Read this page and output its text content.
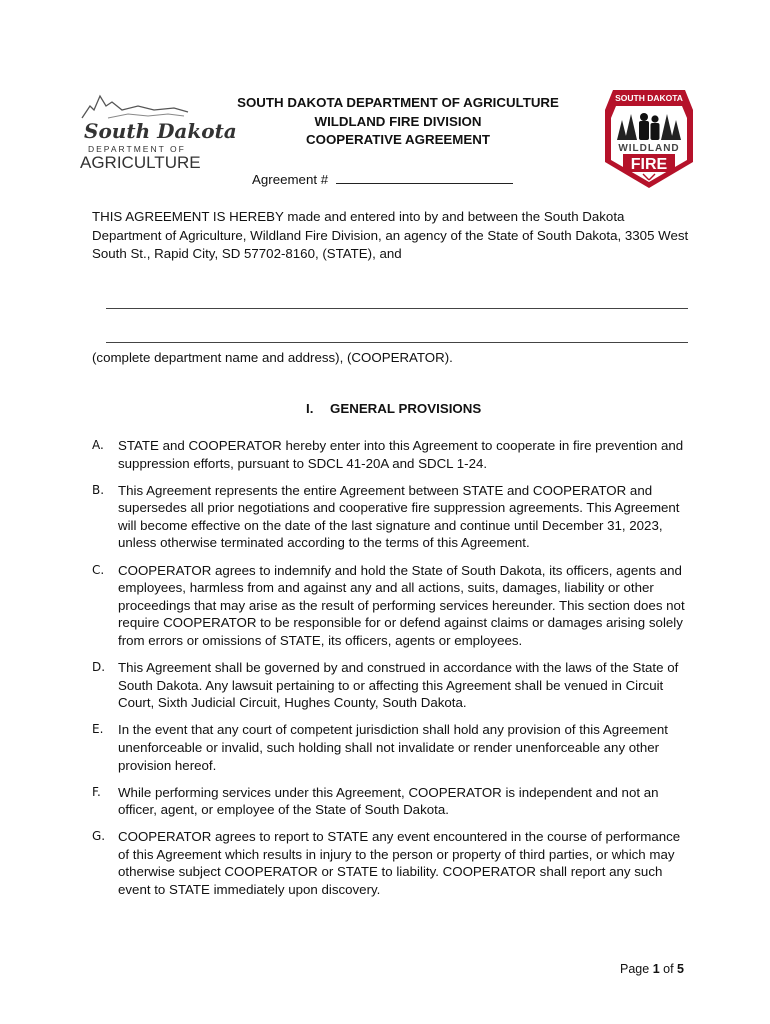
South Dakota
DEPARTMENT OF
AGRICULTURE
SOUTH DAKOTA
WILDLAND
FIRE
SOUTH DAKOTA DEPARTMENT OF AGRICULTURE
WILDLAND FIRE DIVISION
COOPERATIVE AGREEMENT
Agreement #
THIS AGREEMENT IS HEREBY made and entered into by and between the South Dakota Department of Agriculture, Wildland Fire Division, an agency of the State of South Dakota, 3305 West South St., Rapid City, SD 57702-8160, (STATE), and
(complete department name and address), (COOPERATOR).
I. GENERAL PROVISIONS
A.	STATE and COOPERATOR hereby enter into this Agreement to cooperate in fire prevention and suppression efforts, pursuant to SDCL 41-20A and SDCL 1-24.
B.	This Agreement represents the entire Agreement between STATE and COOPERATOR and supersedes all prior negotiations and cooperative fire suppression agreements. This Agreement will become effective on the date of the last signature and continue until December 31, 2023, unless otherwise terminated according to the terms of this Agreement.
C.	COOPERATOR agrees to indemnify and hold the State of South Dakota, its officers, agents and employees, harmless from and against any and all actions, suits, damages, liability or other proceedings that may arise as the result of performing services hereunder. This section does not require COOPERATOR to be responsible for or defend against claims or damages arising solely from errors or omissions of STATE, its officers, agents or employees.
D. This Agreement shall be governed by and construed in accordance with the laws of the State of South Dakota. Any lawsuit pertaining to or affecting this Agreement shall be venued in Circuit Court, Sixth Judicial Circuit, Hughes County, South Dakota.
E.	In the event that any court of competent jurisdiction shall hold any provision of this Agreement unenforceable or invalid, such holding shall not invalidate or render unenforceable any other provision hereof.
F.	While performing services under this Agreement, COOPERATOR is independent and not an officer, agent, or employee of the State of South Dakota.
G. COOPERATOR agrees to report to STATE any event encountered in the course of performance of this Agreement which results in injury to the person or property of third parties, or which may otherwise subject COOPERATOR or STATE to liability. COOPERATOR shall report any such event to STATE immediately upon discovery.
Page 1 of 5
